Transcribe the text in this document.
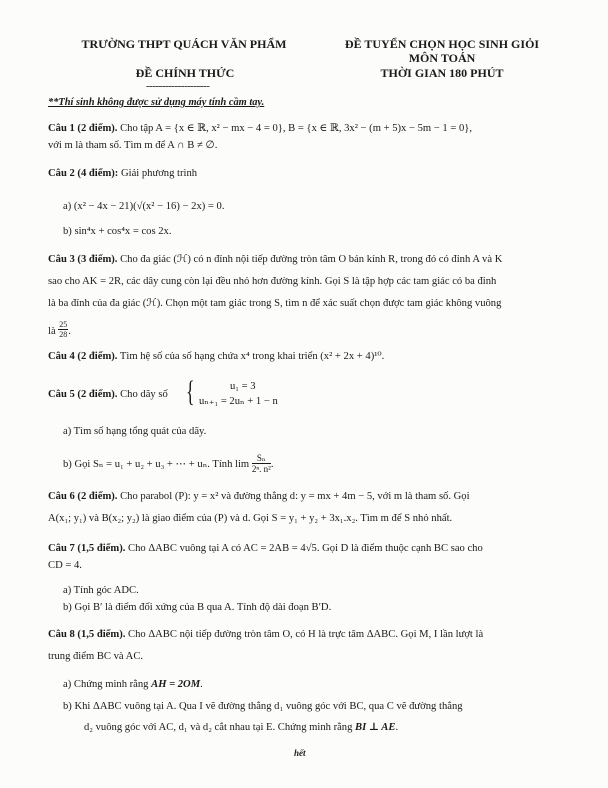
TRƯỜNG THPT QUÁCH VĂN PHẨM
ĐỀ CHÍNH THỨC
--------------------
ĐỀ TUYỂN CHỌN HỌC SINH GIỎI
MÔN TOÁN
THỜI GIAN 180 PHÚT
**Thí sinh không được sử dụng máy tính cầm tay.
Câu 1 (2 điểm). Cho tập A = {x ∈ ℝ, x² − mx − 4 = 0}, B = {x ∈ ℝ, 3x² − (m + 5)x − 5m − 1 = 0},
với m là tham số. Tìm m để A ∩ B ≠ ∅.
Câu 2 (4 điểm): Giải phương trình
a) (x² − 4x − 21)(√(x² − 16) − 2x) = 0.
b) sin⁴x + cos⁴x = cos 2x.
Câu 3 (3 điểm). Cho đa giác (ℋ) có n đỉnh nội tiếp đường tròn tâm O bán kính R, trong đó có đỉnh A và K
sao cho AK = 2R, các dây cung còn lại đều nhỏ hơn đường kính. Gọi S là tập hợp các tam giác có ba đỉnh
là ba đỉnh của đa giác (ℋ). Chọn một tam giác trong S, tìm n để xác suất chọn được tam giác không vuông
là $\frac{25}{28}$ .
Câu 4 (2 điểm). Tìm hệ số của số hạng chứa x⁴ trong khai triển (x² + 2x + 4)¹⁰.
Câu 5 (2 điểm). Cho dãy số {	u₁ = 3
uₙ₊₁ = 2uₙ + 1 − n
a) Tìm số hạng tổng quát của dãy.
b) Gọi Sₙ = u₁ + u₂ + u₃ + ⋯ + uₙ. Tính $\lim \frac{\text{Sₙ}}{\text{2ⁿ. n²}}$ .
Câu 6 (2 điểm). Cho parabol (P): y = x² và đường thẳng d: y = mx + 4m − 5, với m là tham số. Gọi
A(x₁; y₁) và B(x₂; y₂) là giao điểm của (P) và d. Gọi S = y₁ + y₂ + 3x₁.x₂. Tìm m để S nhỏ nhất.
Câu 7 (1,5 điểm). Cho ΔABC vuông tại A có AC = 2AB = 4√5. Gọi D là điểm thuộc cạnh BC sao cho
CD = 4.
a) Tính góc ADC.
b) Gọi B′ là điểm đối xứng của B qua A. Tính độ dài đoạn B′D.
Câu 8 (1,5 điểm). Cho ΔABC nội tiếp đường tròn tâm O, có H là trực tâm ΔABC. Gọi M, I lần lượt là
trung điểm BC và AC.
a) Chứng minh rằng AH = 2OM.
b) Khi ΔABC vuông tại A. Qua I vẽ đường thẳng d₁ vuông góc với BC, qua C vẽ đường thẳng
d₂ vuông góc với AC, d₁ và d₂ cắt nhau tại E. Chứng minh rằng BI ⊥ AE.
hết
